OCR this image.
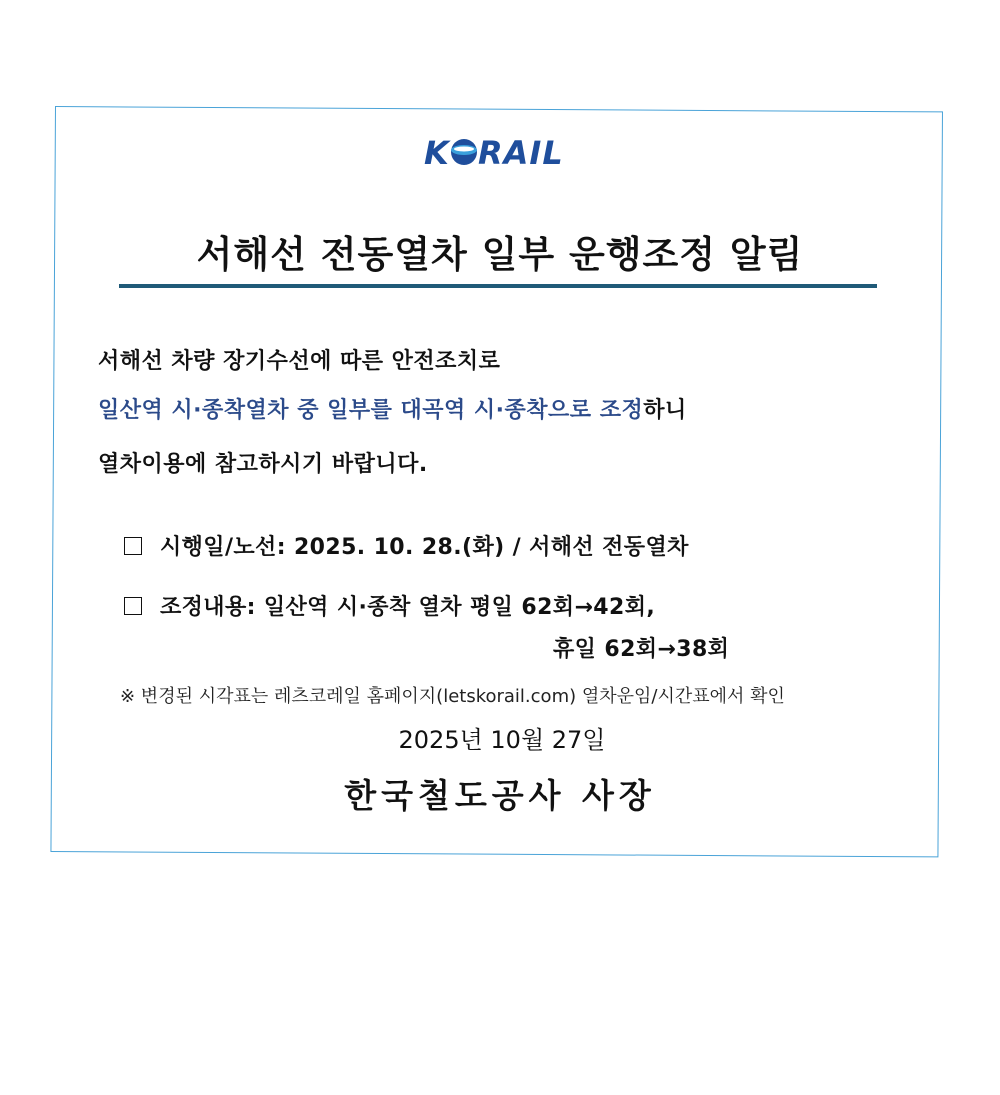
K RAIL
서해선 전동열차 일부 운행조정 알림
서해선 차량 장기수선에 따른 안전조치로
일산역 시·종착열차 중 일부를 대곡역 시·종착으로 조정하니
열차이용에 참고하시기 바랍니다.
시행일/노선: 2025. 10. 28.(화) / 서해선 전동열차
조정내용: 일산역 시·종착 열차 평일 62회→42회,
휴일 62회→38회
※ 변경된 시각표는 레츠코레일 홈페이지(letskorail.com) 열차운임/시간표에서 확인
2025년 10월 27일
한국철도공사 사장
